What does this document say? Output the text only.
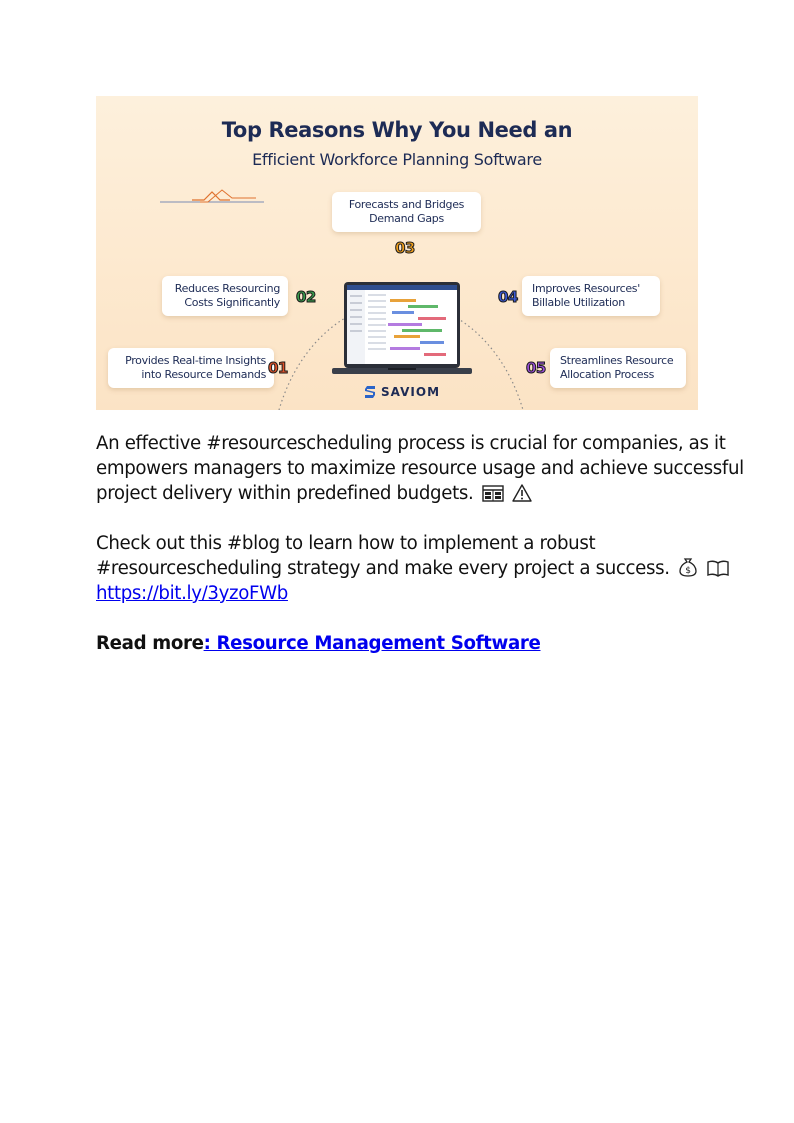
Top Reasons Why You Need an
Efficient Workforce Planning Software
Forecasts and Bridges
Demand Gaps
Reduces Resourcing
Costs Significantly
Provides Real-time Insights
into Resource Demands
Improves Resources'
Billable Utilization
Streamlines Resource
Allocation Process
03
02
01
04
05
SAVIOM
An effective #resourcescheduling process is crucial for companies, as it
empowers managers to maximize resource usage and achieve successful
project delivery within predefined budgets.
Check out this #blog to learn how to implement a robust
#resourcescheduling strategy and make every project a success. $

https://bit.ly/3yzoFWb
Read more: Resource Management Software
